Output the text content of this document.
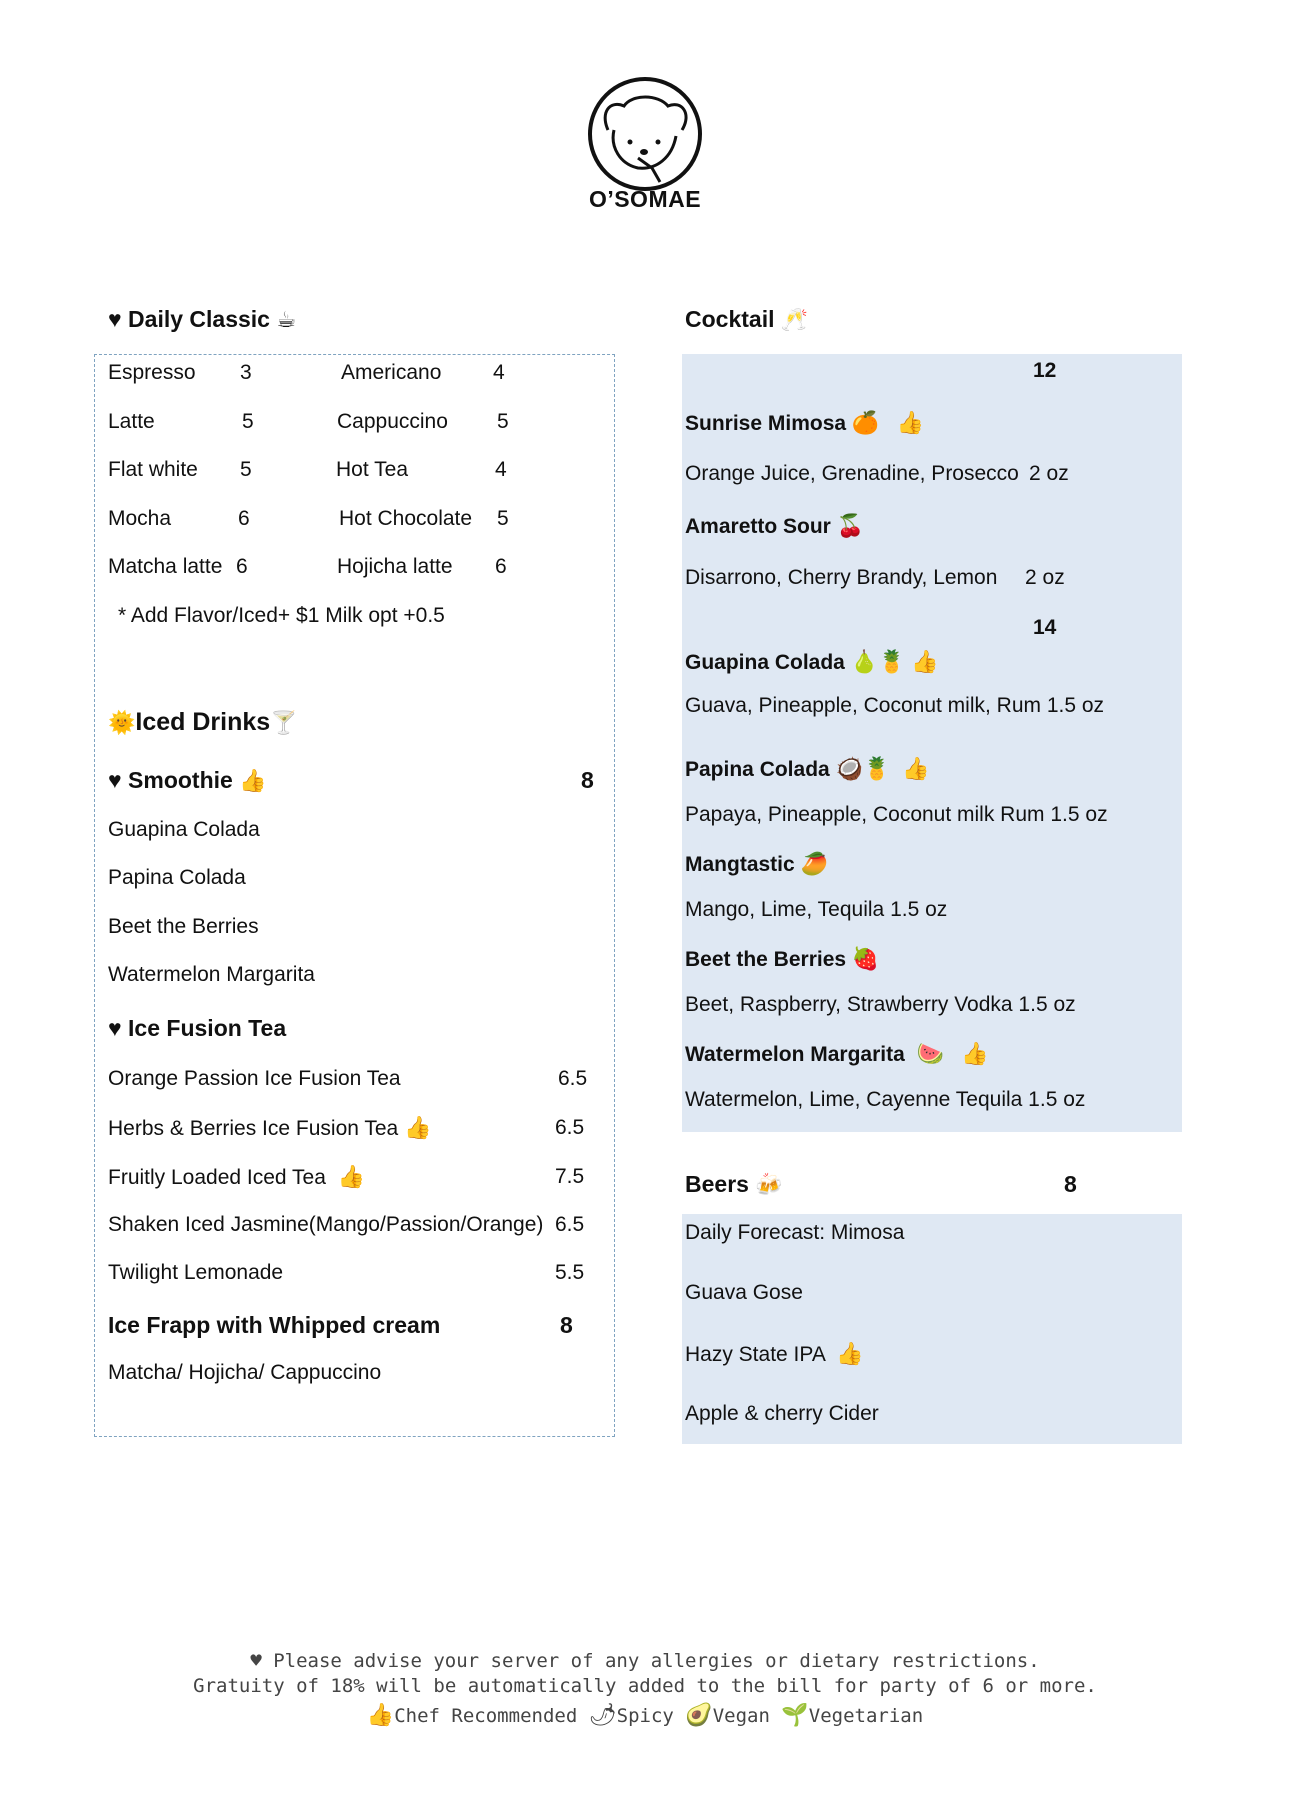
O’SOMAE
♥ Daily Classic ☕
Espresso 3	Americano 4
Latte	5	Cappuccino 5
Flat white 5	Hot Tea	4
Mocha	6	Hot Chocolate 5
Matcha latte 6	Hojicha latte 6
* Add Flavor/Iced+ $1 Milk opt +0.5
🌞Iced Drinks🍸
♥ Smoothie 👍	8
Guapina Colada
Papina Colada
Beet the Berries
Watermelon Margarita
♥ Ice Fusion Tea
Orange Passion Ice Fusion Tea	6.5
Herbs & Berries Ice Fusion Tea 👍	6.5
Fruitly Loaded Iced Tea 👍	7.5
Shaken Iced Jasmine(Mango/Passion/Orange) 6.5
Twilight Lemonade	5.5
Ice Frapp with Whipped cream	8
Matcha/ Hojicha/ Cappuccino
Cocktail 🥂
12
Sunrise Mimosa 🍊 👍
Orange Juice, Grenadine, Prosecco 2 oz
Amaretto Sour 🍒
Disarrono, Cherry Brandy, Lemon 2 oz
14
Guapina Colada 🍐🍍 👍
Guava, Pineapple, Coconut milk, Rum 1.5 oz
Papina Colada 🥥🍍 👍
Papaya, Pineapple, Coconut milk Rum 1.5 oz
Mangtastic 🥭
Mango, Lime, Tequila 1.5 oz
Beet the Berries 🍓
Beet, Raspberry, Strawberry Vodka 1.5 oz
Watermelon Margarita 🍉 👍
Watermelon, Lime, Cayenne Tequila 1.5 oz
Beers 🍻	8
Daily Forecast: Mimosa
Guava Gose
Hazy State IPA 👍
Apple & cherry Cider
♥ Please advise your server of any allergies or dietary restrictions.
Gratuity of 18% will be automatically added to the bill for party of 6 or more.
👍Chef Recommended 🌶Spicy 🥑Vegan 🌱Vegetarian
